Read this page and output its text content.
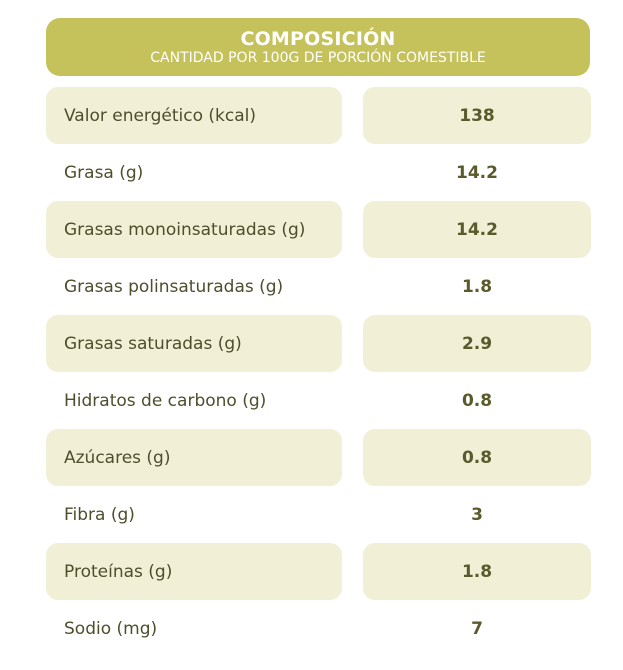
COMPOSICIÓN
CANTIDAD POR 100G DE PORCIÓN COMESTIBLE
Valor energético (kcal)	138
Grasa (g)	14.2
Grasas monoinsaturadas (g)	14.2
Grasas polinsaturadas (g)	1.8
Grasas saturadas (g)	2.9
Hidratos de carbono (g)	0.8
Azúcares (g)	0.8
Fibra (g)	3
Proteínas (g)	1.8
Sodio (mg)	7
